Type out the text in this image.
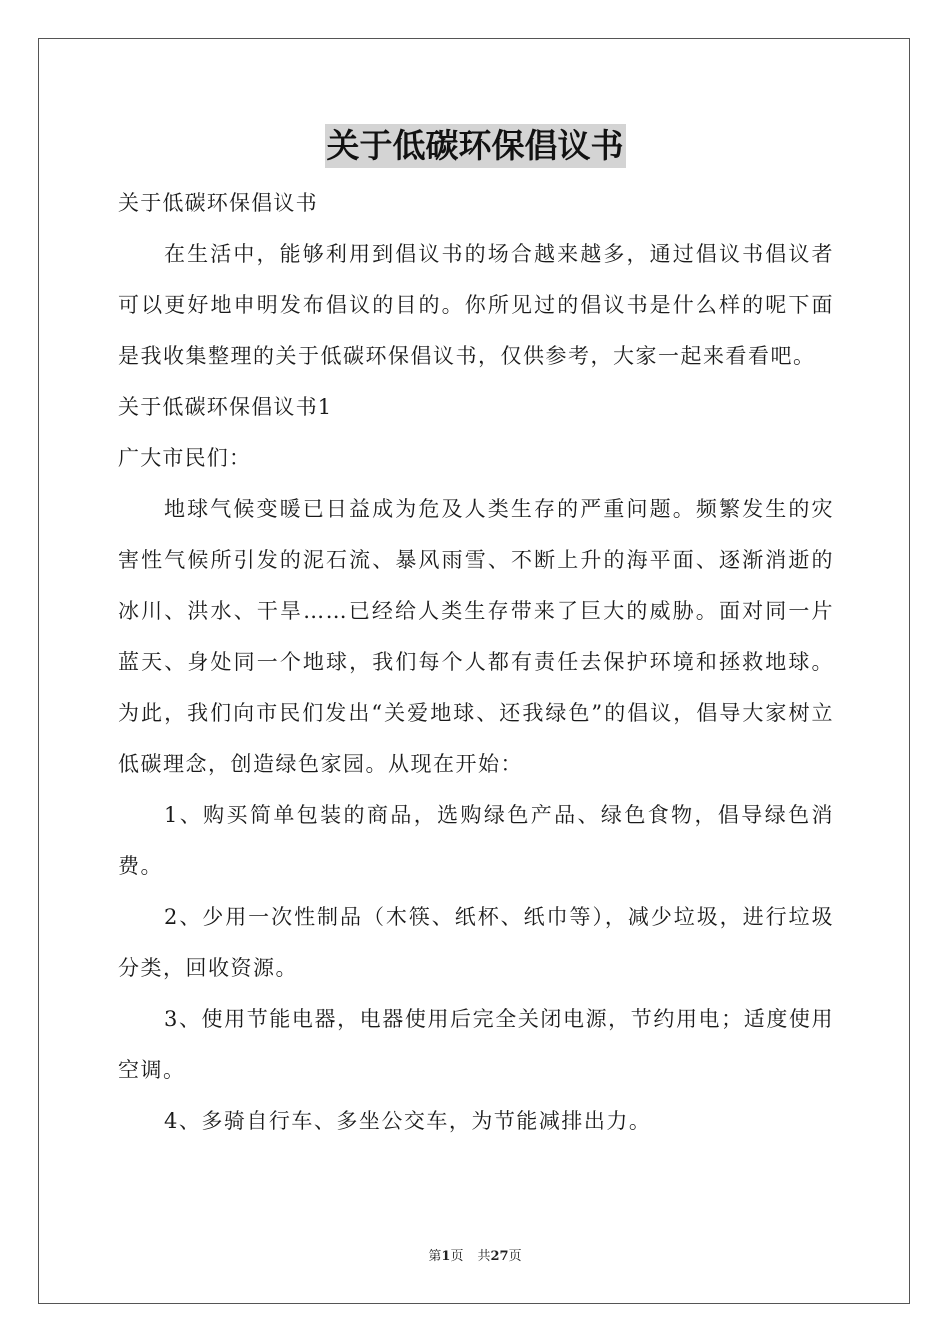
关于低碳环保倡议书

关于低碳环保倡议书

在生活中，能够利用到倡议书的场合越来越多，通过倡议书倡议者可以更好地申明发布倡议的目的。你所见过的倡议书是什么样的呢下面是我收集整理的关于低碳环保倡议书，仅供参考，大家一起来看看吧。

关于低碳环保倡议书1

广大市民们：

地球气候变暖已日益成为危及人类生存的严重问题。频繁发生的灾害性气候所引发的泥石流、暴风雨雪、不断上升的海平面、逐渐消逝的冰川、洪水、干旱……已经给人类生存带来了巨大的威胁。面对同一片蓝天、身处同一个地球，我们每个人都有责任去保护环境和拯救地球。为此，我们向市民们发出“关爱地球、还我绿色”的倡议，倡导大家树立低碳理念，创造绿色家园。从现在开始：

1、购买简单包装的商品，选购绿色产品、绿色食物，倡导绿色消费。

2、少用一次性制品（木筷、纸杯、纸巾等），减少垃圾，进行垃圾分类，回收资源。

3、使用节能电器，电器使用后完全关闭电源，节约用电；适度使用空调。

4、多骑自行车、多坐公交车，为节能减排出力。

第1页 共27页
